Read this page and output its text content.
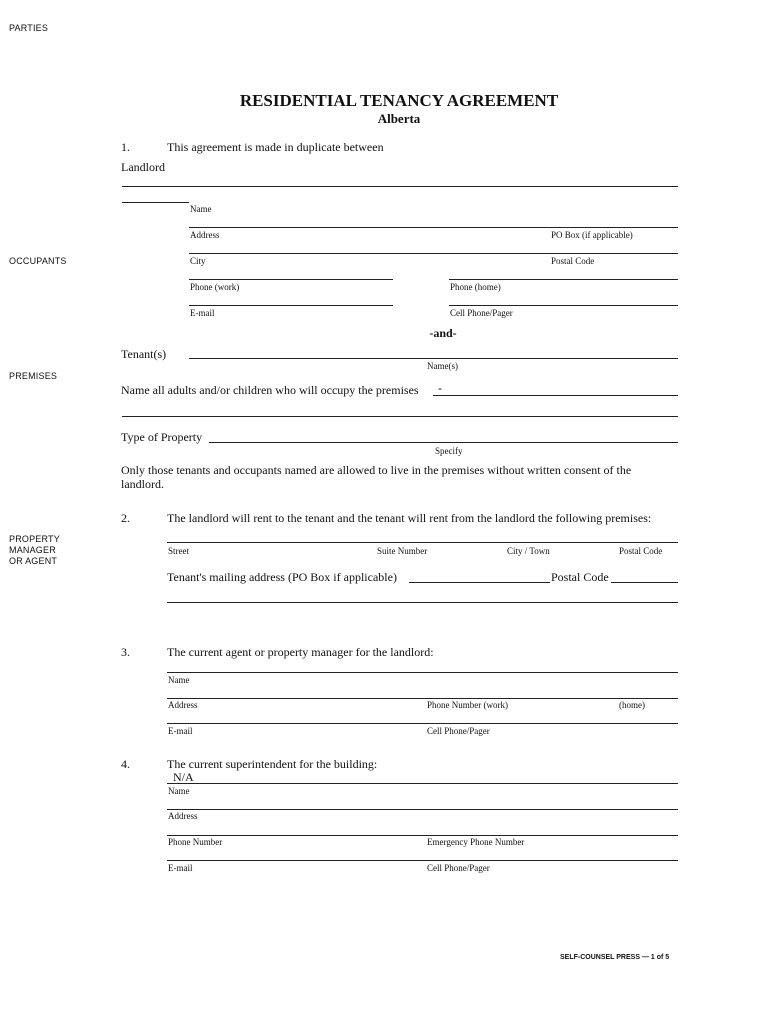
PARTIES
OCCUPANTS
PREMISES
PROPERTY
MANAGER
OR AGENT
RESIDENTIAL TENANCY AGREEMENT
Alberta
1.	This agreement is made in duplicate between
Landlord
Name
Address	PO Box (if applicable)
City	Postal Code
Phone (work)	Phone (home)
E-mail	Cell Phone/Pager
-and-
Tenant(s)
Name(s)
Name all adults and/or children who will occupy the premises -
Type of Property
Specify
Only those tenants and occupants named are allowed to live in the premises without written consent of the landlord.
2.	The landlord will rent to the tenant and the tenant will rent from the landlord the following premises:
Street	Suite Number	City / Town	Postal Code
Tenant's mailing address (PO Box if applicable)	Postal Code
3.	The current agent or property manager for the landlord:
Name
Address	Phone Number (work)	(home)
E-mail	Cell Phone/Pager
4.	The current superintendent for the building:
N/A
Name
Address
Phone Number	Emergency Phone Number
E-mail	Cell Phone/Pager
SELF-COUNSEL PRESS — 1 of 5
